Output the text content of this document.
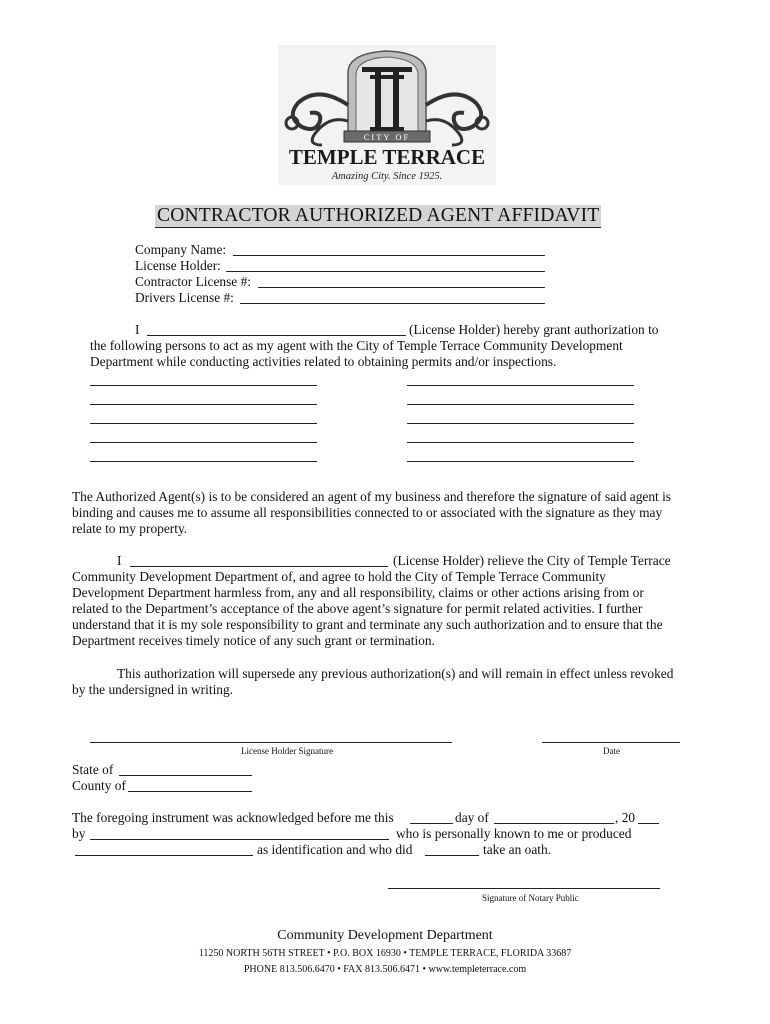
CITY OF
TEMPLE TERRACE
Amazing City. Since 1925.
CONTRACTOR AUTHORIZED AGENT AFFIDAVIT
Company Name:
License Holder:
Contractor License #:
Drivers License #:
I	(License Holder) hereby grant authorization to
the following persons to act as my agent with the City of Temple Terrace Community Development
Department while conducting activities related to obtaining permits and/or inspections.
The Authorized Agent(s) is to be considered an agent of my business and therefore the signature of said agent is
binding and causes me to assume all responsibilities connected to or associated with the signature as they may
relate to my property.
I	(License Holder) relieve the City of Temple Terrace
Community Development Department of, and agree to hold the City of Temple Terrace Community
Development Department harmless from, any and all responsibility, claims or other actions arising from or
related to the Department’s acceptance of the above agent’s signature for permit related activities. I further
understand that it is my sole responsibility to grant and terminate any such authorization and to ensure that the
Department receives timely notice of any such grant or termination.
This authorization will supersede any previous authorization(s) and will remain in effect unless revoked
by the undersigned in writing.
License Holder Signature	Date
State of
County of
The foregoing instrument was acknowledged before me this	day of	, 20
by	who is personally known to me or produced
as identification and who did	take an oath.
Signature of Notary Public
Community Development Department
11250 NORTH 56TH STREET • P.O. BOX 16930 • TEMPLE TERRACE, FLORIDA 33687
PHONE 813.506.6470 • FAX 813.506.6471 • www.templeterrace.com
